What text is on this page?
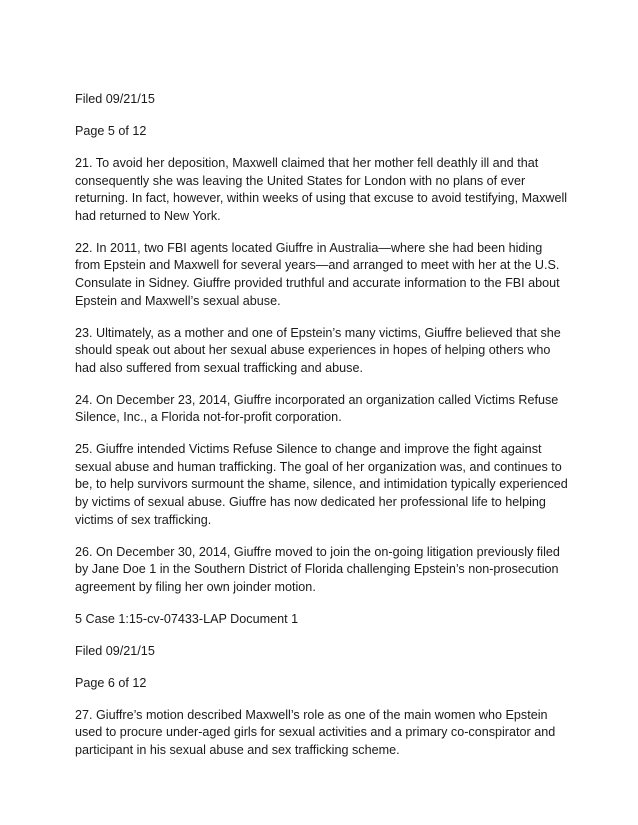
Filed 09/21/15

Page 5 of 12

21. To avoid her deposition, Maxwell claimed that her mother fell deathly ill and that consequently she was leaving the United States for London with no plans of ever returning. In fact, however, within weeks of using that excuse to avoid testifying, Maxwell had returned to New York.

22. In 2011, two FBI agents located Giuffre in Australia—where she had been hiding from Epstein and Maxwell for several years—and arranged to meet with her at the U.S. Consulate in Sidney. Giuffre provided truthful and accurate information to the FBI about Epstein and Maxwell’s sexual abuse.

23. Ultimately, as a mother and one of Epstein’s many victims, Giuffre believed that she should speak out about her sexual abuse experiences in hopes of helping others who had also suffered from sexual trafficking and abuse.

24. On December 23, 2014, Giuffre incorporated an organization called Victims Refuse Silence, Inc., a Florida not-for-profit corporation.

25. Giuffre intended Victims Refuse Silence to change and improve the fight against sexual abuse and human trafficking. The goal of her organization was, and continues to be, to help survivors surmount the shame, silence, and intimidation typically experienced by victims of sexual abuse. Giuffre has now dedicated her professional life to helping victims of sex trafficking.

26. On December 30, 2014, Giuffre moved to join the on-going litigation previously filed by Jane Doe 1 in the Southern District of Florida challenging Epstein’s non-prosecution agreement by filing her own joinder motion.

5 Case 1:15-cv-07433-LAP Document 1

Filed 09/21/15

Page 6 of 12

27. Giuffre’s motion described Maxwell’s role as one of the main women who Epstein used to procure under-aged girls for sexual activities and a primary co-conspirator and participant in his sexual abuse and sex trafficking scheme.
